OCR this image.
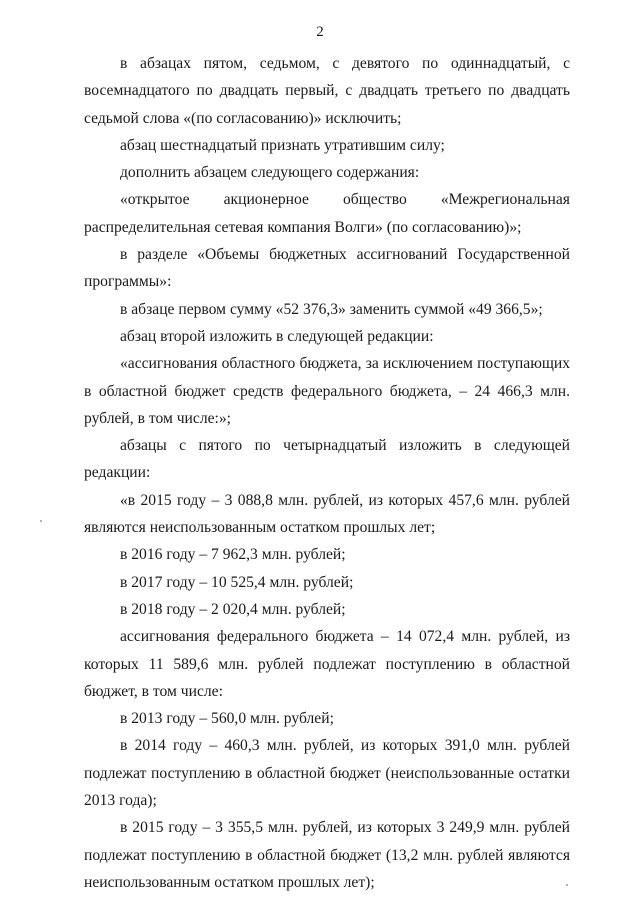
2

в абзацах пятом, седьмом, с девятого по одиннадцатый, с восемнадцатого по двадцать первый, с двадцать третьего по двадцать седьмой слова «(по согласованию)» исключить;

абзац шестнадцатый признать утратившим силу;

дополнить абзацем следующего содержания:

«открытое акционерное общество «Межрегиональная распределительная сетевая компания Волги» (по согласованию)»;

в разделе «Объемы бюджетных ассигнований Государственной программы»:

в абзаце первом сумму «52 376,3» заменить суммой «49 366,5»;

абзац второй изложить в следующей редакции:

«ассигнования областного бюджета, за исключением поступающих в областной бюджет средств федерального бюджета, – 24 466,3 млн. рублей, в том числе:»;

абзацы с пятого по четырнадцатый изложить в следующей редакции:

«в 2015 году – 3 088,8 млн. рублей, из которых 457,6 млн. рублей являются неиспользованным остатком прошлых лет;

в 2016 году – 7 962,3 млн. рублей;

в 2017 году – 10 525,4 млн. рублей;

в 2018 году – 2 020,4 млн. рублей;

ассигнования федерального бюджета – 14 072,4 млн. рублей, из которых 11 589,6 млн. рублей подлежат поступлению в областной бюджет, в том числе:

в 2013 году – 560,0 млн. рублей;

в 2014 году – 460,3 млн. рублей, из которых 391,0 млн. рублей подлежат поступлению в областной бюджет (неиспользованные остатки 2013 года);

в 2015 году – 3 355,5 млн. рублей, из которых 3 249,9 млн. рублей подлежат поступлению в областной бюджет (13,2 млн. рублей являются неиспользованным остатком прошлых лет);
